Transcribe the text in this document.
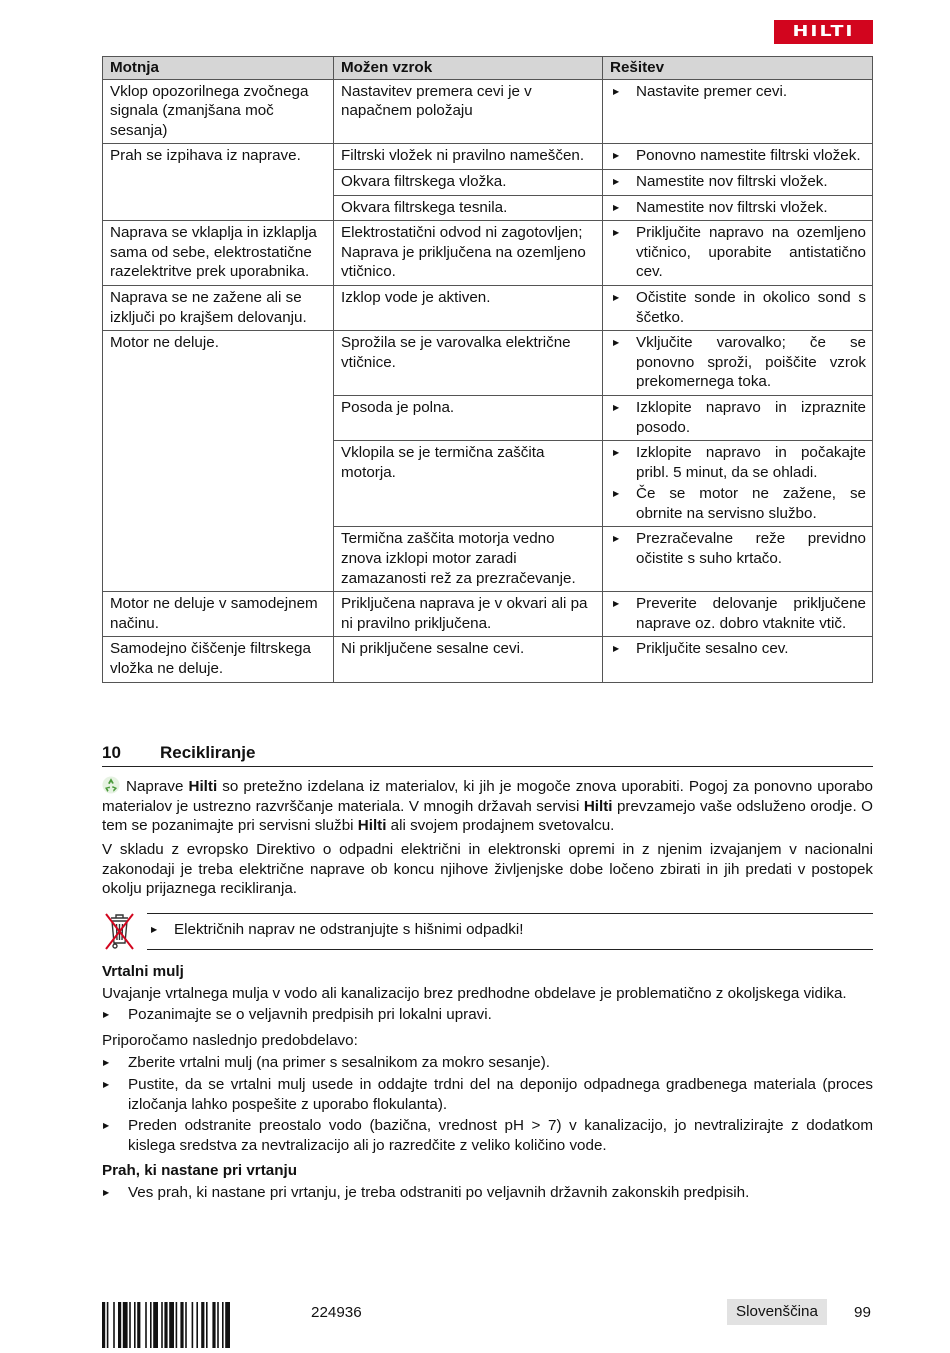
HILTI
Motnja	Možen vzrok	Rešitev
Vklop opozorilnega zvočnega signala (zmanjšana moč sesanja)	Nastavitev premera cevi je v napačnem položaju	▶ Nastavite premer cevi.

Prah se izpihava iz naprave.	Filtrski vložek ni pravilno nameščen.	▶ Ponovno namestite filtrski vložek.

	Okvara filtrskega vložka.	▶ Namestite nov filtrski vložek.

	Okvara filtrskega tesnila.	▶ Namestite nov filtrski vložek.

Naprava se vklaplja in izklaplja sama od sebe, elektrostatične razelektritve prek uporabnika.	Elektrostatični odvod ni zagotovljen; Naprava je priključena na ozemljeno vtičnico.	▶ Priključite napravo na ozemljeno vtičnico, uporabite antistatično cev.

Naprava se ne zažene ali se izključi po krajšem delovanju.	Izklop vode je aktiven.	▶ Očistite sonde in okolico sond s ščetko.

Motor ne deluje.	Sprožila se je varovalka električne vtičnice.	▶ Vključite varovalko; če se ponovno sproži, poiščite vzrok prekomernega toka.

	Posoda je polna.	▶ Izklopite napravo in izpraznite posodo.

	Vklopila se je termična zaščita motorja.	▶ Izklopite napravo in počakajte pribl. 5 minut, da se ohladi.
▶ Če se motor ne zažene, se obrnite na servisno službo.

	Termična zaščita motorja vedno znova izklopi motor zaradi zamazanosti rež za prezračevanje.	▶ Prezračevalne reže previdno očistite s suho krtačo.

Motor ne deluje v samodejnem načinu.	Priključena naprava je v okvari ali pa ni pravilno priključena.	▶ Preverite delovanje priključene naprave oz. dobro vtaknite vtič.

Samodejno čiščenje filtrskega vložka ne deluje.	Ni priključene sesalne cevi.	▶ Priključite sesalno cev.
10 Recikliranje
Naprave Hilti so pretežno izdelana iz materialov, ki jih je mogoče znova uporabiti. Pogoj za ponovno uporabo materialov je ustrezno razvrščanje materiala. V mnogih državah servisi Hilti prevzamejo vaše odsluženo orodje. O tem se pozanimajte pri servisni službi Hilti ali svojem prodajnem svetovalcu.
V skladu z evropsko Direktivo o odpadni električni in elektronski opremi in z njenim izvajanjem v nacionalni zakonodaji je treba električne naprave ob koncu njihove življenjske dobe ločeno zbirati in jih predati v postopek okolju prijaznega recikliranja.
▶ Električnih naprav ne odstranjujte s hišnimi odpadki!
Vrtalni mulj
Uvajanje vrtalnega mulja v vodo ali kanalizacijo brez predhodne obdelave je problematično z okoljskega vidika.
▶ Pozanimajte se o veljavnih predpisih pri lokalni upravi.
Priporočamo naslednjo predobdelavo:
▶ Zberite vrtalni mulj (na primer s sesalnikom za mokro sesanje).
▶ Pustite, da se vrtalni mulj usede in oddajte trdni del na deponijo odpadnega gradbenega materiala (proces izločanja lahko pospešite z uporabo flokulanta).
▶ Preden odstranite preostalo vodo (bazična, vrednost pH > 7) v kanalizacijo, jo nevtralizirajte z dodatkom kislega sredstva za nevtralizacijo ali jo razredčite z veliko količino vode.
Prah, ki nastane pri vrtanju
▶ Ves prah, ki nastane pri vrtanju, je treba odstraniti po veljavnih državnih zakonskih predpisih.
224936	Slovenščina	99
